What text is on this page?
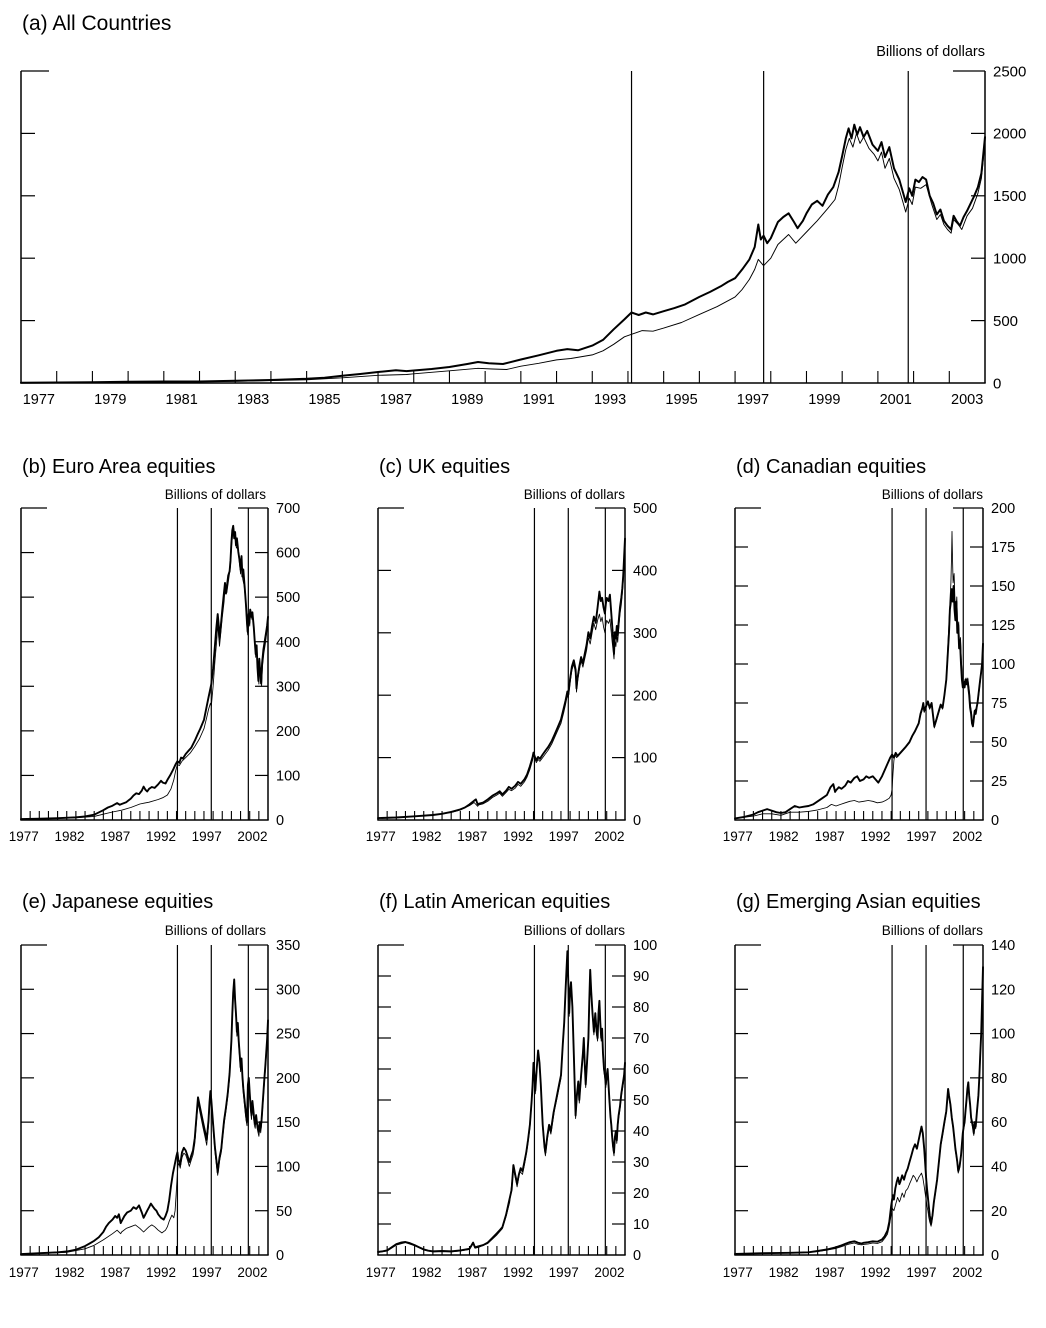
(a) All Countries
Billions of dollars
0
500
1000
1500
2000
2500
1977	1979	1981	1983	1985	1987	1989	1991	1993	1995	1997	1999	2001	2003
(b) Euro Area equities
Billions of dollars
0
100
200
300
400
500
600
700
1977 1982 1987 1992 1997 2002
(c) UK equities
Billions of dollars
0
100
200
300
400
500
1977 1982 1987 1992 1997 2002
(d) Canadian equities
Billions of dollars
0
25
50
75
100
125
150
175
200
1977 1982 1987 1992 1997 2002
(e) Japanese equities
Billions of dollars
0
50
100
150
200
250
300
350
1977 1982 1987 1992 1997 2002
(f) Latin American equities
Billions of dollars
0
10
20
30
40
50
60
70
80
90
100
1977 1982 1987 1992 1997 2002
(g) Emerging Asian equities
Billions of dollars
0
20
40
60
80
100
120
140
1977 1982 1987 1992 1997 2002
